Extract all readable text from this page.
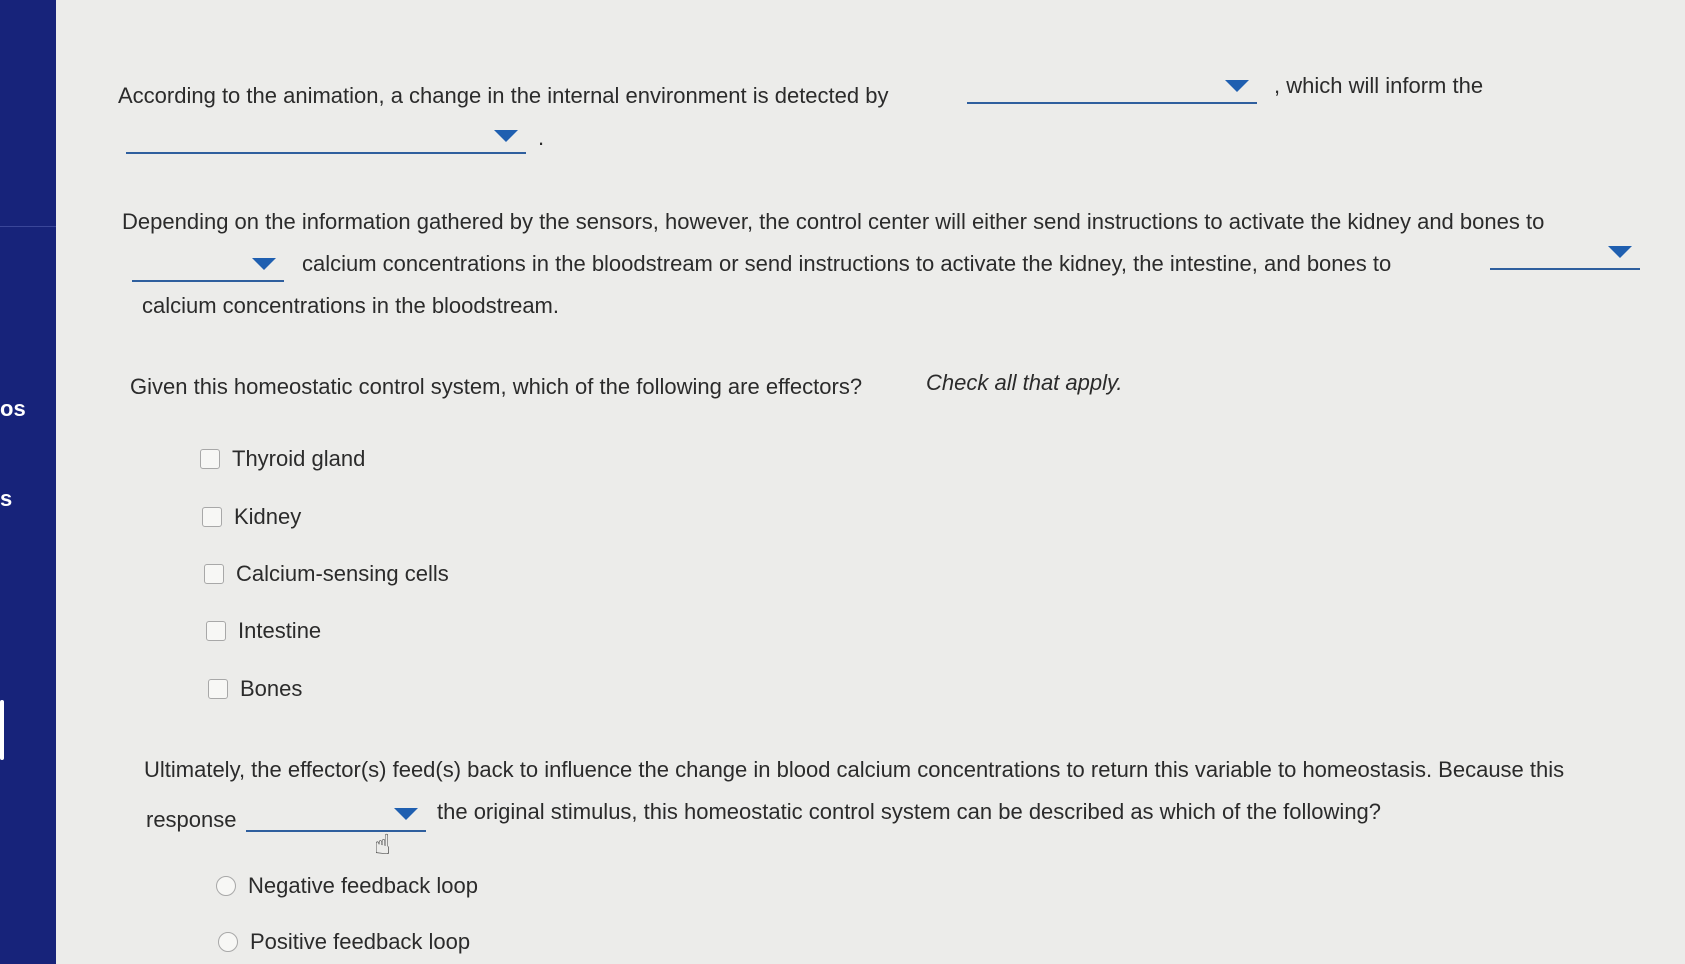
os
s
According to the animation, a change in the internal environment is detected by	, which will inform the
.
Depending on the information gathered by the sensors, however, the control center will either send instructions to activate the kidney and bones to
calcium concentrations in the bloodstream or send instructions to activate the kidney, the intestine, and bones to
calcium concentrations in the bloodstream.
Given this homeostatic control system, which of the following are effectors?	Check all that apply.
Thyroid gland
Kidney
Calcium-sensing cells
Intestine
Bones
Ultimately, the effector(s) feed(s) back to influence the change in blood calcium concentrations to return this variable to homeostasis. Because this
response	the original stimulus, this homeostatic control system can be described as which of the following?
Negative feedback loop
Positive feedback loop
☝
